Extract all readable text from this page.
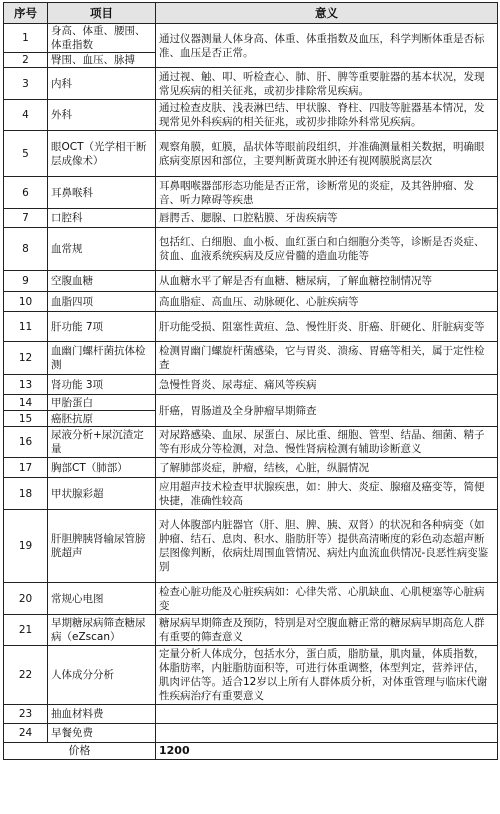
序号	项目	意义
1	身高、体重、腰围、体重指数	通过仪器测量人体身高、体重、体重指数及血压，科学判断体重是否标准、血压是否正常。
2	臀围、血压、脉搏	
3	内科	通过视、触、叩、听检查心、肺、肝、脾等重要脏器的基本状况，发现常见疾病的相关征兆，或初步排除常见疾病。
4	外科	通过检查皮肤、浅表淋巴结、甲状腺、脊柱、四肢等脏器基本情况，发现常见外科疾病的相关征兆，或初步排除外科常见疾病。
5	眼OCT（光学相干断层成像术）	观察角膜，虹膜，晶状体等眼前段组织，并准确测量相关数据，明确眼底病变原因和部位，主要判断黄斑水肿还有视网膜脱离层次
6	耳鼻喉科	耳鼻咽喉器部形态功能是否正常，诊断常见的炎症，及其咎肿瘤、发音、听力障碍等疾患
7	口腔科	唇腭舌、腮腺、口腔粘膜、牙齿疾病等
8	血常规	包括红、白细胞、血小板、血红蛋白和白细胞分类等，诊断是否炎症、贫血、血液系统疾病及反应骨髓的造血功能等
9	空腹血糖	从血糖水平了解是否有血糖、糖尿病，了解血糖控制情况等
10	血脂四项	高血脂症、高血压、动脉硬化、心脏疾病等
11	肝功能 7项	肝功能受损、阻塞性黄疸、急、慢性肝炎、肝癌、肝硬化、肝脏病变等
12	血幽门螺杆菌抗体检测	检测胃幽门螺旋杆菌感染，它与胃炎、溃疡、胃癌等相关，属于定性检查
13	肾功能 3项	急慢性肾炎、尿毒症、痛风等疾病
14	甲胎蛋白	肝癌，胃肠道及全身肿瘤早期筛查
15	癌胚抗原	
16	尿液分析+尿沉渣定量	对尿路感染、血尿、尿蛋白、尿比重、细胞、管型、结晶、细菌、精子等有形成分等检测，对急、慢性肾病检测有辅助诊断意义
17	胸部CT（肺部）	了解肺部炎症，肿瘤，结核，心脏，纵膈情况
18	甲状腺彩超	应用超声技术检查甲状腺疾患，如：肿大、炎症、腺瘤及癌变等，简便快捷，准确性较高
19	肝胆脾胰肾输尿管膀胱超声	对人体腹部内脏器官（肝、胆、脾、胰、双肾）的状况和各种病变（如肿瘤、结石、息肉、积水、脂肪肝等）提供高清晰度的彩色动态超声断层图像判断，依病灶周围血管情况、病灶内血流血供情况-良恶性病变鉴别
20	常规心电图	检查心脏功能及心脏疾病如：心律失常、心肌缺血、心肌梗塞等心脏病变
21	早期糖尿病筛查糖尿病（eZscan）	糖尿病早期筛查及预防，特别是对空腹血糖正常的糖尿病早期高危人群有重要的筛查意义
22	人体成分分析	定量分析人体成分，包括水分，蛋白质，脂肪量，肌肉量，体质指数，体脂肪率，内脏脂肪面积等，可进行体重调整，体型判定，营养评估，肌肉评估等。适合12岁以上所有人群体质分析，对体重管理与临床代谢性疾病治疗有重要意义
23	抽血材料费	
24	早餐免费	
价格		1200
